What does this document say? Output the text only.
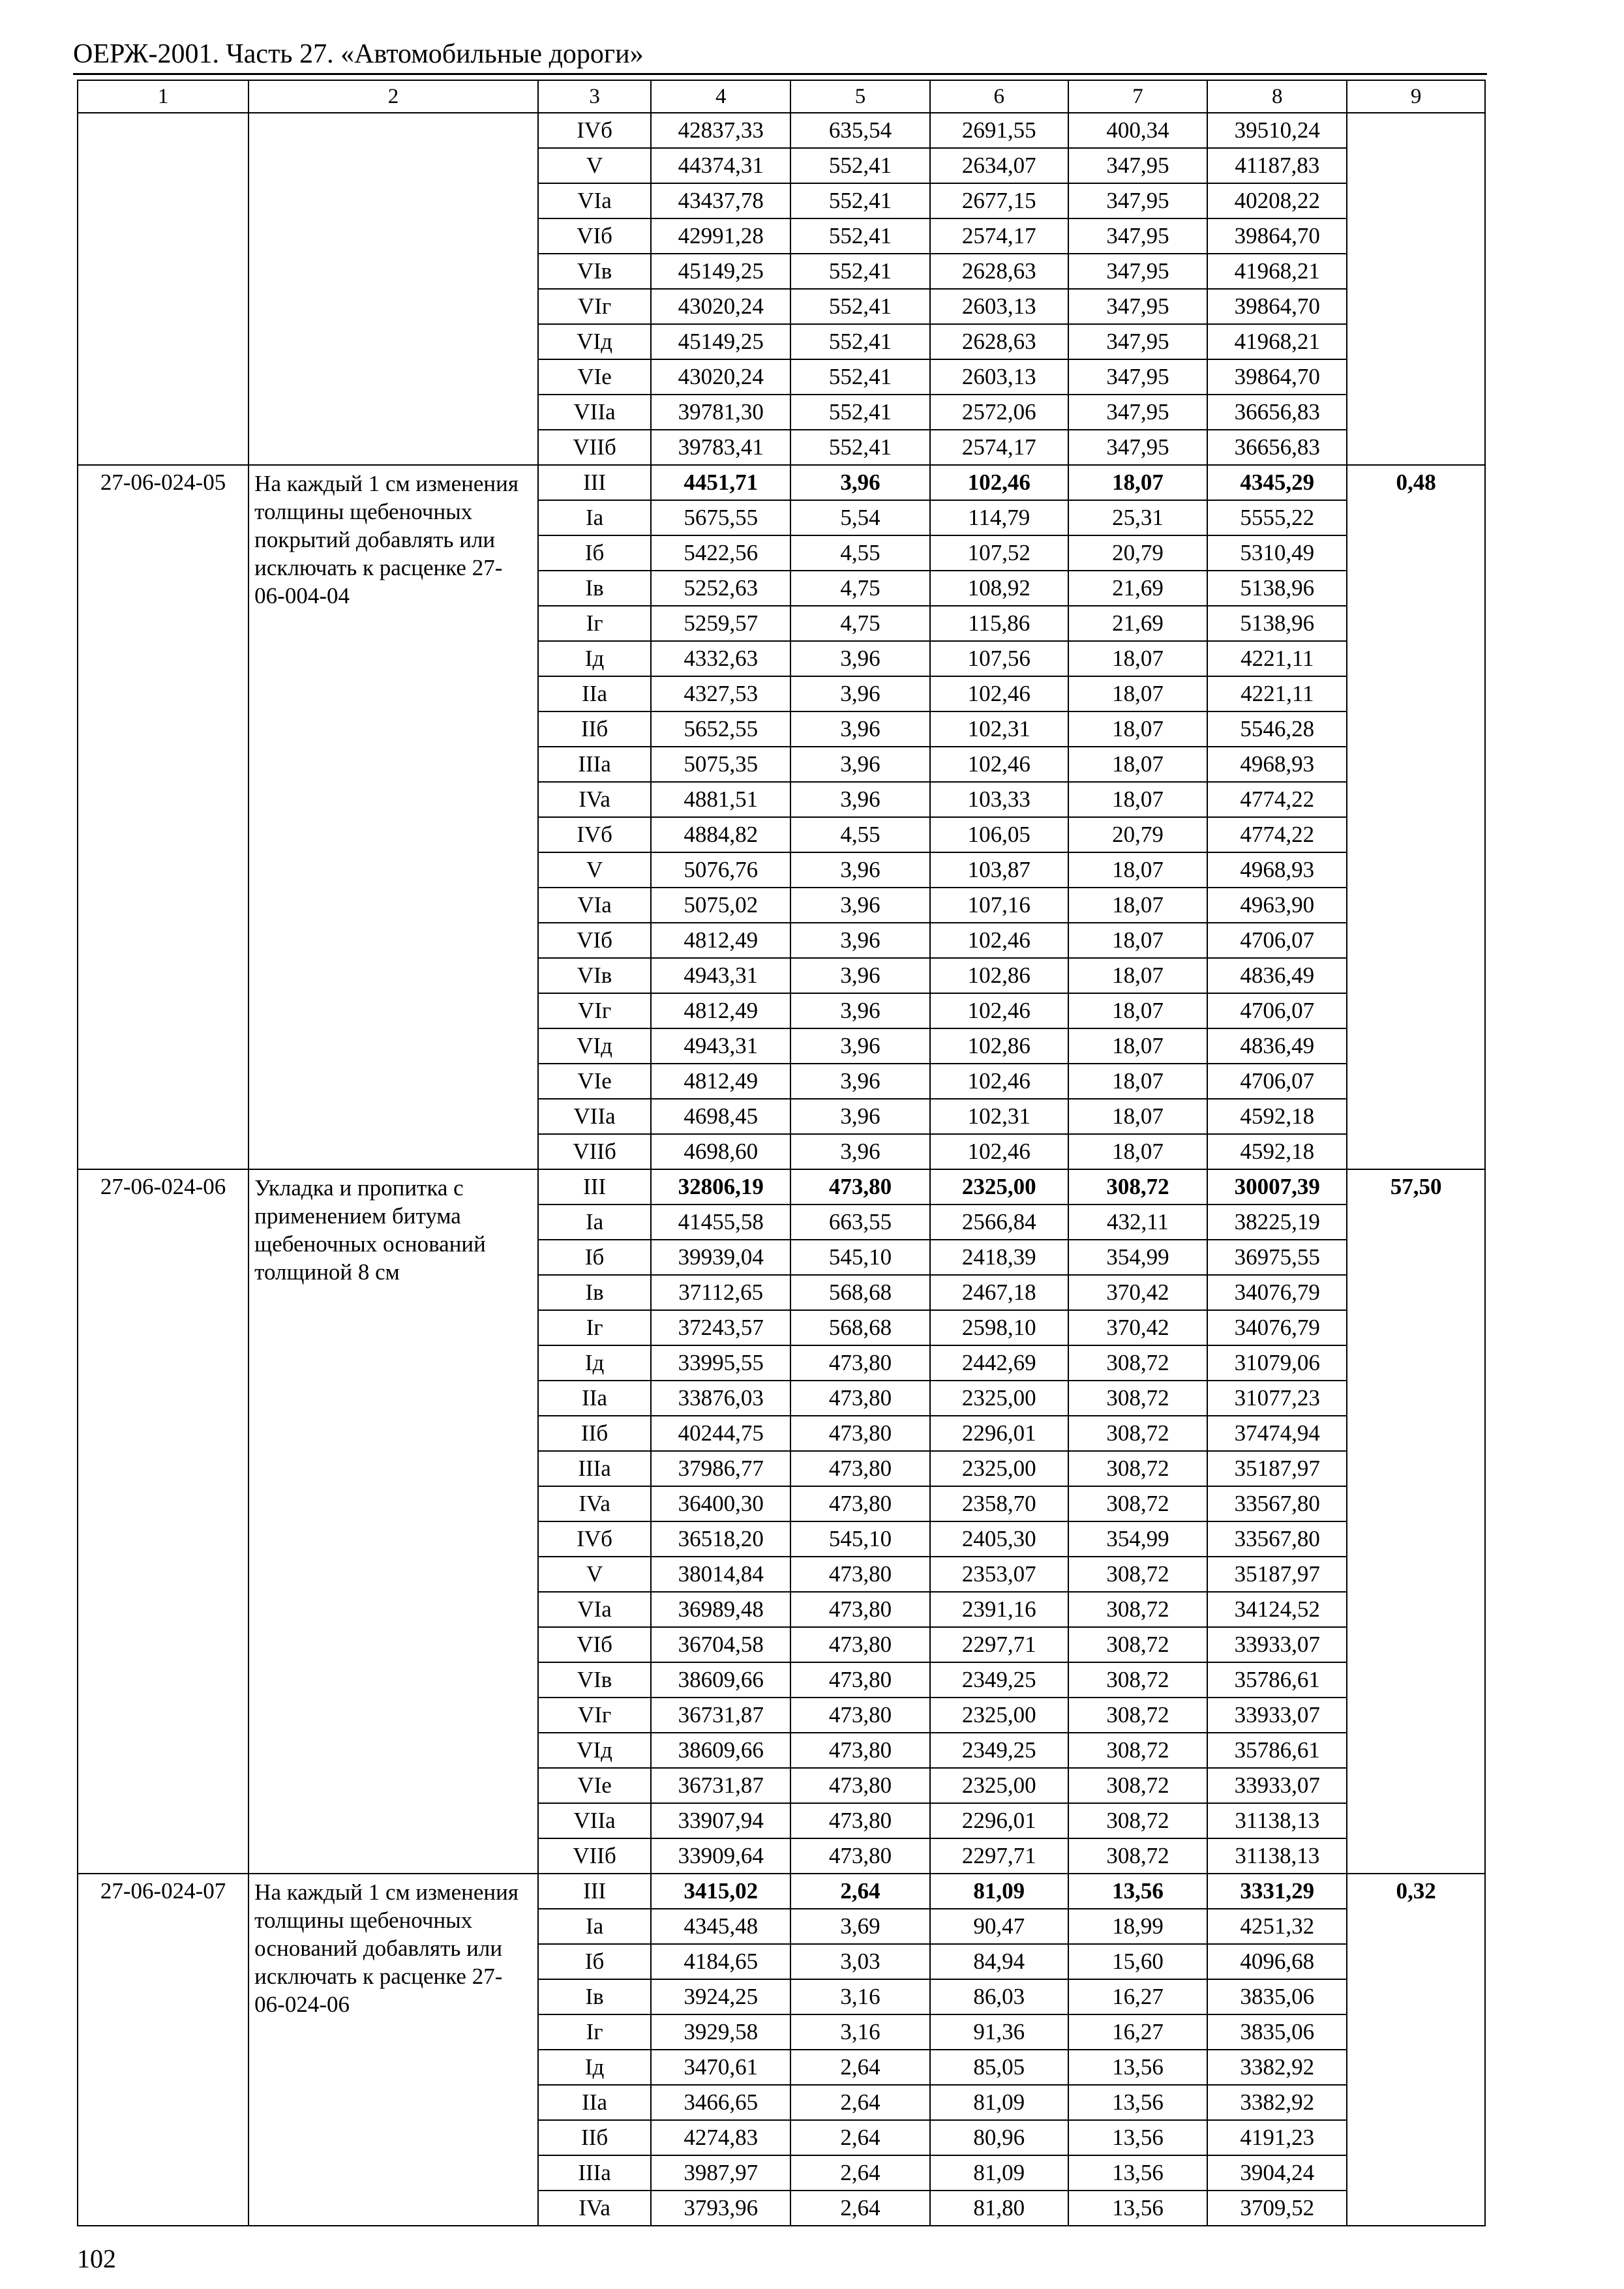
ОЕРЖ-2001. Часть 27. «Автомобильные дороги»
1	2	3	4	5	6	7	8	9
		IVб	42837,33	635,54	2691,55	400,34	39510,24	
		V	44374,31	552,41	2634,07	347,95	41187,83	
		VIa	43437,78	552,41	2677,15	347,95	40208,22	
		VIб	42991,28	552,41	2574,17	347,95	39864,70	
		VIв	45149,25	552,41	2628,63	347,95	41968,21	
		VIг	43020,24	552,41	2603,13	347,95	39864,70	
		VIд	45149,25	552,41	2628,63	347,95	41968,21	
		VIe	43020,24	552,41	2603,13	347,95	39864,70	
		VIIa	39781,30	552,41	2572,06	347,95	36656,83	
		VIIб	39783,41	552,41	2574,17	347,95	36656,83	
27-06-024-05	На каждый 1 см изменения толщины щебеночных покрытий добавлять или исключать к расценке 27-06-004-04	III	4451,71	3,96	102,46	18,07	4345,29	0,48
		Ia	5675,55	5,54	114,79	25,31	5555,22	
		Iб	5422,56	4,55	107,52	20,79	5310,49	
		Iв	5252,63	4,75	108,92	21,69	5138,96	
		Iг	5259,57	4,75	115,86	21,69	5138,96	
		Iд	4332,63	3,96	107,56	18,07	4221,11	
		IIa	4327,53	3,96	102,46	18,07	4221,11	
		IIб	5652,55	3,96	102,31	18,07	5546,28	
		IIIa	5075,35	3,96	102,46	18,07	4968,93	
		IVa	4881,51	3,96	103,33	18,07	4774,22	
		IVб	4884,82	4,55	106,05	20,79	4774,22	
		V	5076,76	3,96	103,87	18,07	4968,93	
		VIa	5075,02	3,96	107,16	18,07	4963,90	
		VIб	4812,49	3,96	102,46	18,07	4706,07	
		VIв	4943,31	3,96	102,86	18,07	4836,49	
		VIг	4812,49	3,96	102,46	18,07	4706,07	
		VIд	4943,31	3,96	102,86	18,07	4836,49	
		VIe	4812,49	3,96	102,46	18,07	4706,07	
		VIIa	4698,45	3,96	102,31	18,07	4592,18	
		VIIб	4698,60	3,96	102,46	18,07	4592,18	
27-06-024-06	Укладка и пропитка с применением битума щебеночных оснований толщиной 8 см	III	32806,19	473,80	2325,00	308,72	30007,39	57,50
		Ia	41455,58	663,55	2566,84	432,11	38225,19	
		Iб	39939,04	545,10	2418,39	354,99	36975,55	
		Iв	37112,65	568,68	2467,18	370,42	34076,79	
		Iг	37243,57	568,68	2598,10	370,42	34076,79	
		Iд	33995,55	473,80	2442,69	308,72	31079,06	
		IIa	33876,03	473,80	2325,00	308,72	31077,23	
		IIб	40244,75	473,80	2296,01	308,72	37474,94	
		IIIa	37986,77	473,80	2325,00	308,72	35187,97	
		IVa	36400,30	473,80	2358,70	308,72	33567,80	
		IVб	36518,20	545,10	2405,30	354,99	33567,80	
		V	38014,84	473,80	2353,07	308,72	35187,97	
		VIa	36989,48	473,80	2391,16	308,72	34124,52	
		VIб	36704,58	473,80	2297,71	308,72	33933,07	
		VIв	38609,66	473,80	2349,25	308,72	35786,61	
		VIг	36731,87	473,80	2325,00	308,72	33933,07	
		VIд	38609,66	473,80	2349,25	308,72	35786,61	
		VIe	36731,87	473,80	2325,00	308,72	33933,07	
		VIIa	33907,94	473,80	2296,01	308,72	31138,13	
		VIIб	33909,64	473,80	2297,71	308,72	31138,13	
27-06-024-07	На каждый 1 см изменения толщины щебеночных оснований добавлять или исключать к расценке 27-06-024-06	III	3415,02	2,64	81,09	13,56	3331,29	0,32
		Ia	4345,48	3,69	90,47	18,99	4251,32	
		Iб	4184,65	3,03	84,94	15,60	4096,68	
		Iв	3924,25	3,16	86,03	16,27	3835,06	
		Iг	3929,58	3,16	91,36	16,27	3835,06	
		Iд	3470,61	2,64	85,05	13,56	3382,92	
		IIa	3466,65	2,64	81,09	13,56	3382,92	
		IIб	4274,83	2,64	80,96	13,56	4191,23	
		IIIa	3987,97	2,64	81,09	13,56	3904,24	
		IVa	3793,96	2,64	81,80	13,56	3709,52	
102
